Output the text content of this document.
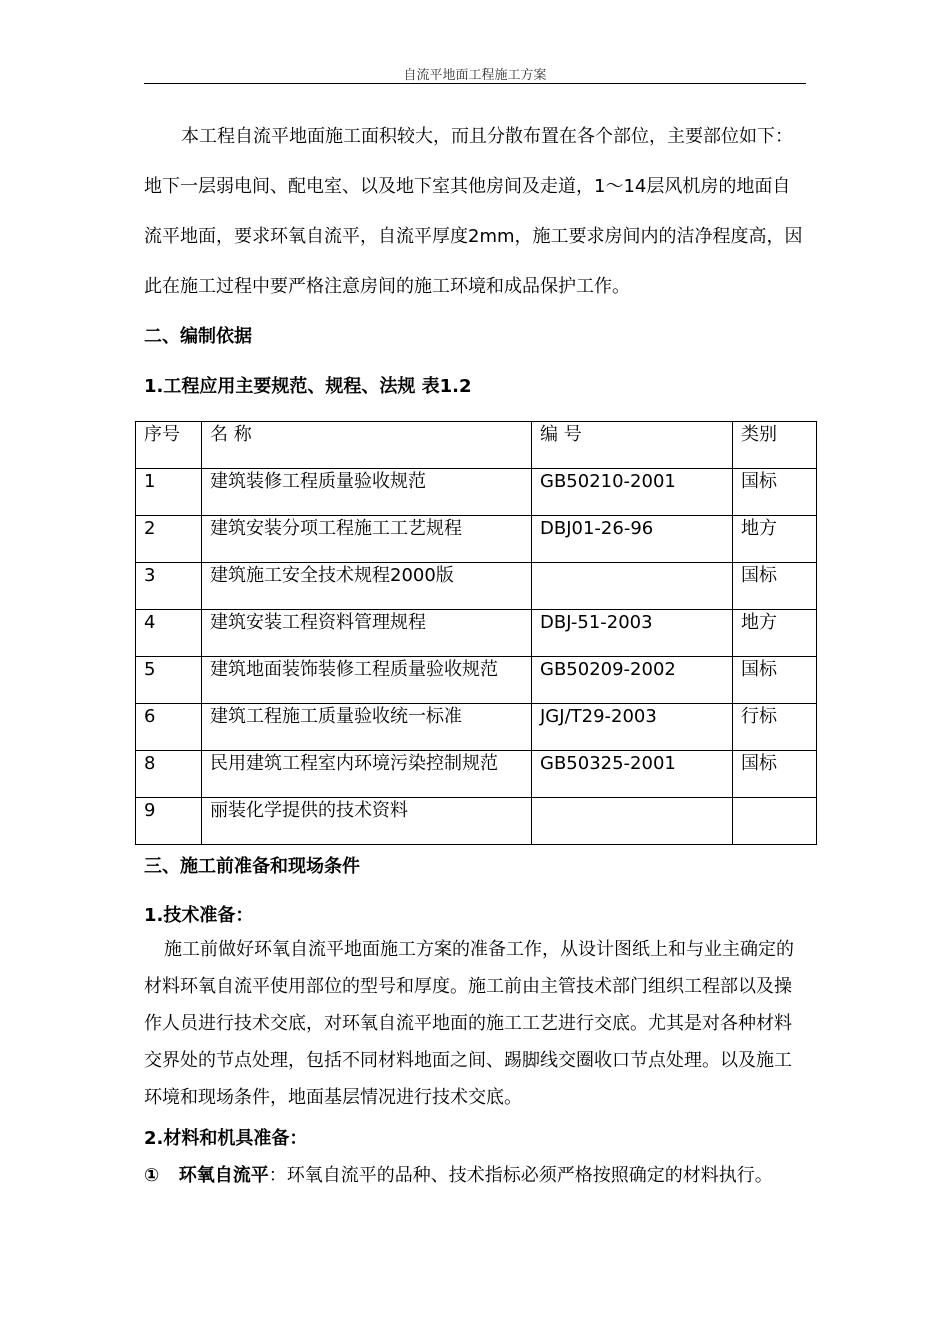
自流平地面工程施工方案
本工程自流平地面施工面积较大，而且分散布置在各个部位，主要部位如下：地下一层弱电间、配电室、以及地下室其他房间及走道，1～14层风机房的地面自流平地面，要求环氧自流平，自流平厚度2mm，施工要求房间内的洁净程度高，因此在施工过程中要严格注意房间的施工环境和成品保护工作。
二、编制依据
1.工程应用主要规范、规程、法规 表1.2
序号	名 称	编 号	类别

1	建筑装修工程质量验收规范	GB50210-2001	国标

2	建筑安装分项工程施工工艺规程	DBJ01-26-96	地方

3	建筑施工安全技术规程2000版		国标

4	建筑安装工程资料管理规程	DBJ-51-2003	地方

5	建筑地面装饰装修工程质量验收规范	GB50209-2002	国标

6	建筑工程施工质量验收统一标准	JGJ/T29-2003	行标

8	民用建筑工程室内环境污染控制规范	GB50325-2001	国标

9	丽装化学提供的技术资料		

三、施工前准备和现场条件
1.技术准备：
施工前做好环氧自流平地面施工方案的准备工作，从设计图纸上和与业主确定的材料环氧自流平使用部位的型号和厚度。施工前由主管技术部门组织工程部以及操作人员进行技术交底，对环氧自流平地面的施工工艺进行交底。尤其是对各种材料交界处的节点处理，包括不同材料地面之间、踢脚线交圈收口节点处理。以及施工环境和现场条件，地面基层情况进行技术交底。
2.材料和机具准备：
① 环氧自流平：环氧自流平的品种、技术指标必须严格按照确定的材料执行。
